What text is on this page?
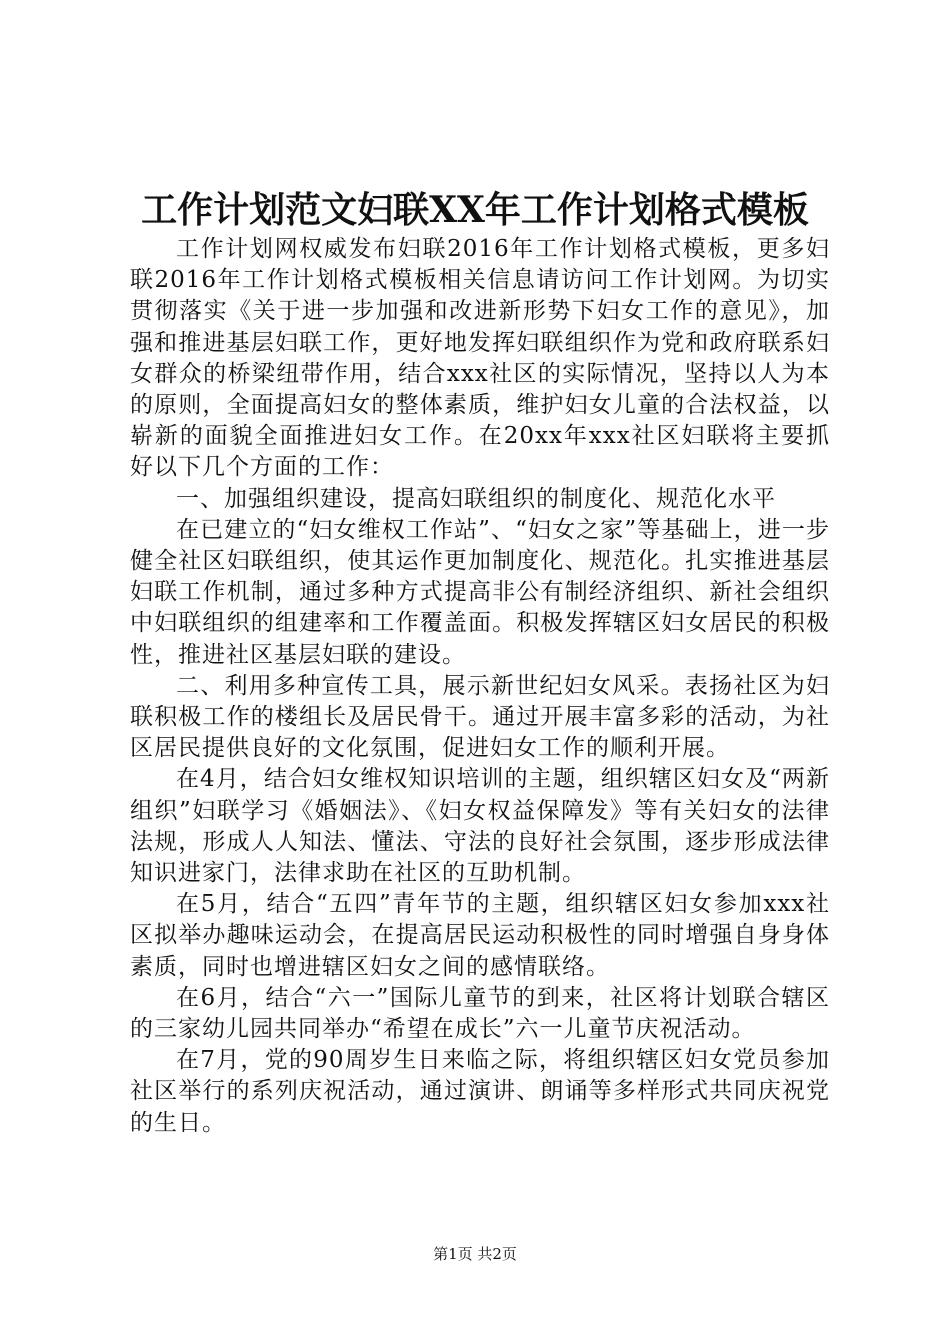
工作计划范文妇联XX年工作计划格式模板

工作计划网权威发布妇联2016年工作计划格式模板，更多妇联2016年工作计划格式模板相关信息请访问工作计划网。为切实贯彻落实《关于进一步加强和改进新形势下妇女工作的意见》，加强和推进基层妇联工作，更好地发挥妇联组织作为党和政府联系妇女群众的桥梁纽带作用，结合xxx社区的实际情况，坚持以人为本的原则，全面提高妇女的整体素质，维护妇女儿童的合法权益，以崭新的面貌全面推进妇女工作。在20xx年xxx社区妇联将主要抓好以下几个方面的工作：

一、加强组织建设，提高妇联组织的制度化、规范化水平

在已建立的“妇女维权工作站”、“妇女之家”等基础上，进一步健全社区妇联组织，使其运作更加制度化、规范化。扎实推进基层妇联工作机制，通过多种方式提高非公有制经济组织、新社会组织中妇联组织的组建率和工作覆盖面。积极发挥辖区妇女居民的积极性，推进社区基层妇联的建设。

二、利用多种宣传工具，展示新世纪妇女风采。表扬社区为妇联积极工作的楼组长及居民骨干。通过开展丰富多彩的活动，为社区居民提供良好的文化氛围，促进妇女工作的顺利开展。

在4月，结合妇女维权知识培训的主题，组织辖区妇女及“两新组织”妇联学习《婚姻法》、《妇女权益保障发》等有关妇女的法律法规，形成人人知法、懂法、守法的良好社会氛围，逐步形成法律知识进家门，法律求助在社区的互助机制。

在5月，结合“五四”青年节的主题，组织辖区妇女参加xxx社区拟举办趣味运动会，在提高居民运动积极性的同时增强自身身体素质，同时也增进辖区妇女之间的感情联络。

在6月，结合“六一”国际儿童节的到来，社区将计划联合辖区的三家幼儿园共同举办“希望在成长”六一儿童节庆祝活动。

在7月，党的90周岁生日来临之际，将组织辖区妇女党员参加社区举行的系列庆祝活动，通过演讲、朗诵等多样形式共同庆祝党的生日。

第1页 共2页
